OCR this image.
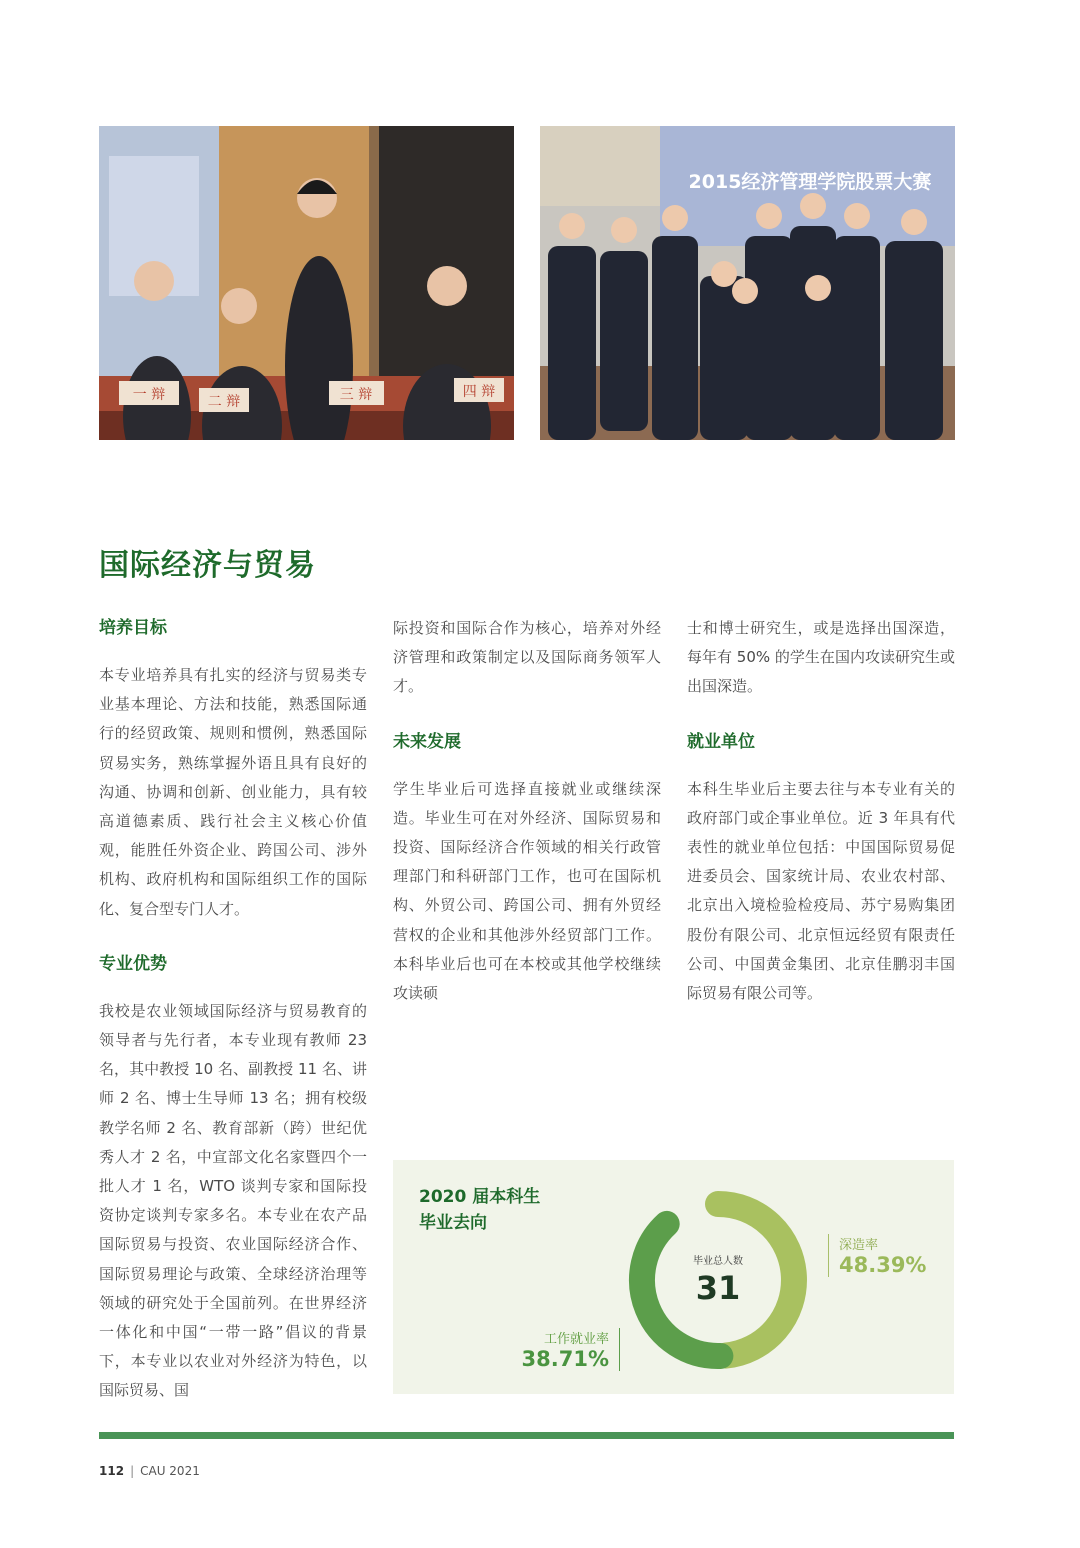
一 辩	二 辩	三 辩	四 辩
2015经济管理学院股票大赛
国际经济与贸易
培养目标

本专业培养具有扎实的经济与贸易类专业基本理论、方法和技能，熟悉国际通行的经贸政策、规则和惯例，熟悉国际贸易实务，熟练掌握外语且具有良好的沟通、协调和创新、创业能力，具有较高道德素质、践行社会主义核心价值观，能胜任外资企业、跨国公司、涉外机构、政府机构和国际组织工作的国际化、复合型专门人才。

专业优势

我校是农业领域国际经济与贸易教育的领导者与先行者，本专业现有教师 23 名，其中教授 10 名、副教授 11 名、讲师 2 名、博士生导师 13 名；拥有校级教学名师 2 名、教育部新（跨）世纪优秀人才 2 名，中宣部文化名家暨四个一批人才 1 名，WTO 谈判专家和国际投资协定谈判专家多名。本专业在农产品国际贸易与投资、农业国际经济合作、国际贸易理论与政策、全球经济治理等领域的研究处于全国前列。在世界经济一体化和中国“一带一路”倡议的背景下，本专业以农业对外经济为特色，以国际贸易、国

际投资和国际合作为核心，培养对外经济管理和政策制定以及国际商务领军人才。

未来发展

学生毕业后可选择直接就业或继续深造。毕业生可在对外经济、国际贸易和投资、国际经济合作领域的相关行政管理部门和科研部门工作，也可在国际机构、外贸公司、跨国公司、拥有外贸经营权的企业和其他涉外经贸部门工作。本科毕业后也可在本校或其他学校继续攻读硕

士和博士研究生，或是选择出国深造，每年有 50% 的学生在国内攻读研究生或出国深造。

就业单位

本科生毕业后主要去往与本专业有关的政府部门或企事业单位。近 3 年具有代表性的就业单位包括：中国国际贸易促进委员会、国家统计局、农业农村部、北京出入境检验检疫局、苏宁易购集团股份有限公司、北京恒远经贸有限责任公司、中国黄金集团、北京佳鹏羽丰国际贸易有限公司等。

2020 届本科生
毕业去向
毕业总人数
31
深造率
48.39%
工作就业率
38.71%
112 | CAU 2021
